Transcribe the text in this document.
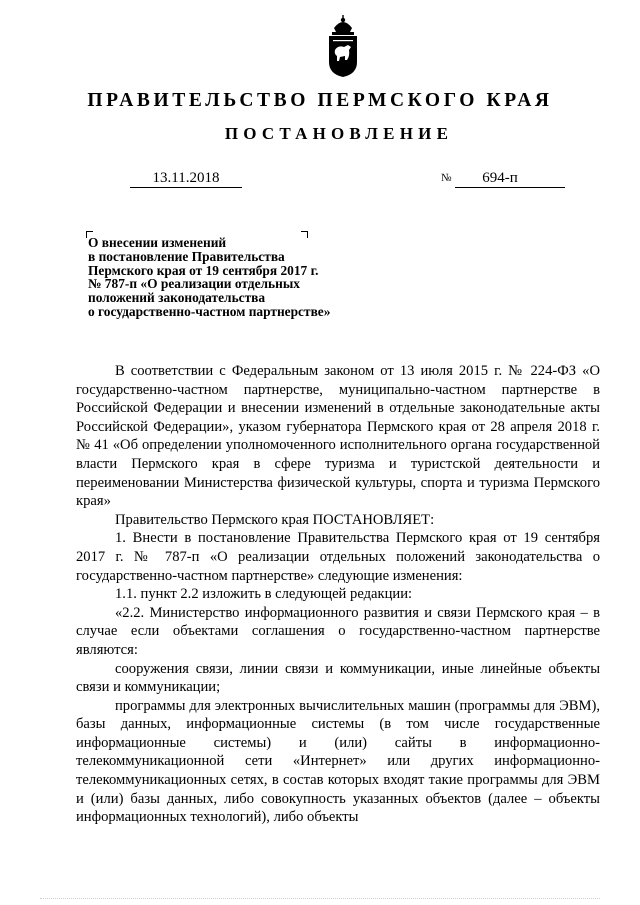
ПРАВИТЕЛЬСТВО ПЕРМСКОГО КРАЯ
ПОСТАНОВЛЕНИЕ
13.11.2018	№	694-п

О внесении изменений
в постановление Правительства
Пермского края от 19 сентября 2017 г.
№ 787-п «О реализации отдельных
положений законодательства
о государственно-частном партнерстве»

В соответствии с Федеральным законом от 13 июля 2015 г. № 224-ФЗ «О государственно-частном партнерстве, муниципально-частном партнерстве в Российской Федерации и внесении изменений в отдельные законодательные акты Российской Федерации», указом губернатора Пермского края от 28 апреля 2018 г. № 41 «Об определении уполномоченного исполнительного органа государственной власти Пермского края в сфере туризма и туристской деятельности и переименовании Министерства физической культуры, спорта и туризма Пермского края»

Правительство Пермского края ПОСТАНОВЛЯЕТ:

1. Внести в постановление Правительства Пермского края от 19 сентября 2017 г. № 787-п «О реализации отдельных положений законодательства о государственно-частном партнерстве» следующие изменения:

1.1. пункт 2.2 изложить в следующей редакции:

«2.2. Министерство информационного развития и связи Пермского края – в случае если объектами соглашения о государственно-частном партнерстве являются:

сооружения связи, линии связи и коммуникации, иные линейные объекты связи и коммуникации;

программы для электронных вычислительных машин (программы для ЭВМ), базы данных, информационные системы (в том числе государственные информационные системы) и (или) сайты в информационно-телекоммуникационной сети «Интернет» или других информационно-телекоммуникационных сетях, в состав которых входят такие программы для ЭВМ и (или) базы данных, либо совокупность указанных объектов (далее – объекты информационных технологий), либо объекты
